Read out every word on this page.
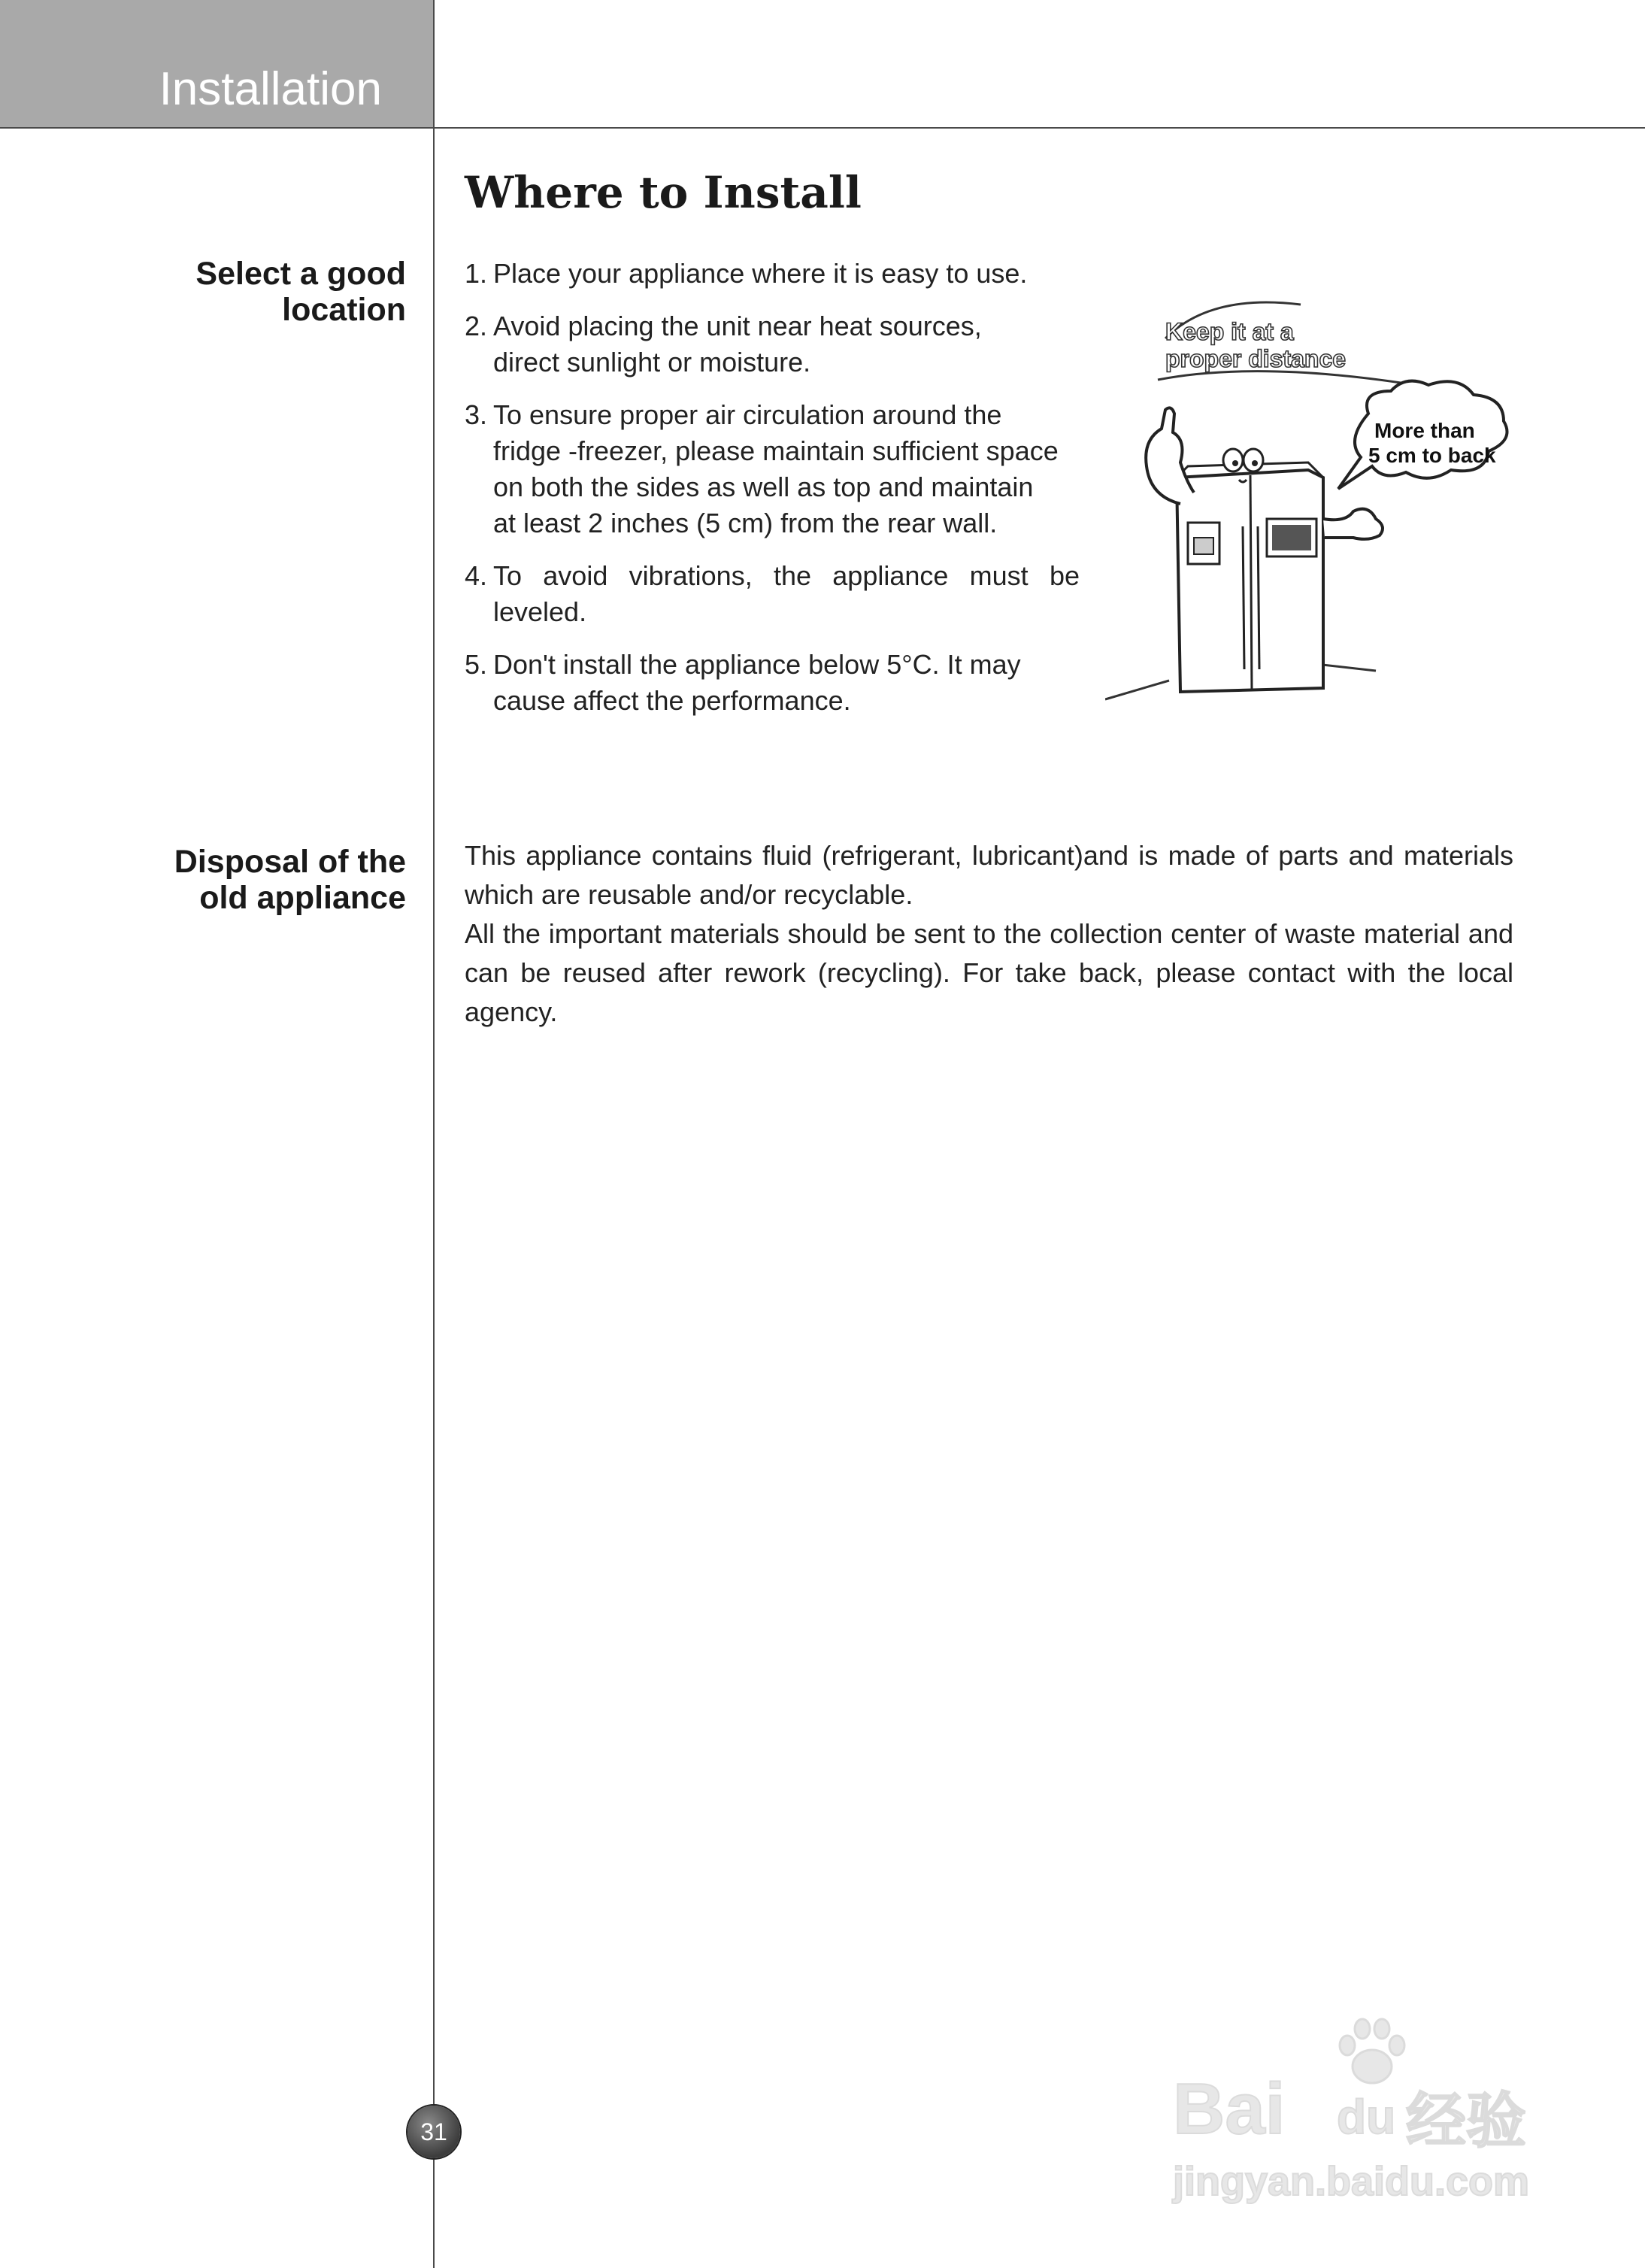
Installation
Where to Install
Select a good
location
1. Place your appliance where it is easy to use.
2. Avoid placing the unit near heat sources, direct sunlight or moisture.
3. To ensure proper air circulation around the fridge -freezer, please maintain sufficient space on both the sides as well as top and maintain at least 2 inches (5 cm) from the rear wall.
4. To avoid vibrations, the appliance must be leveled.
5. Don't install the appliance below 5°C. It may cause affect the performance.
Keep it at a
proper distance
More than
5 cm to back
Disposal of the
old appliance

This appliance contains fluid (refrigerant, lubricant)and is made of parts and materials which are reusable and/or recyclable.

All the important materials should be sent to the collection center of waste material and can be reused after rework (recycling). For take back, please contact with the local agency.

31	Bai du 经验
jingyan.baidu.com
